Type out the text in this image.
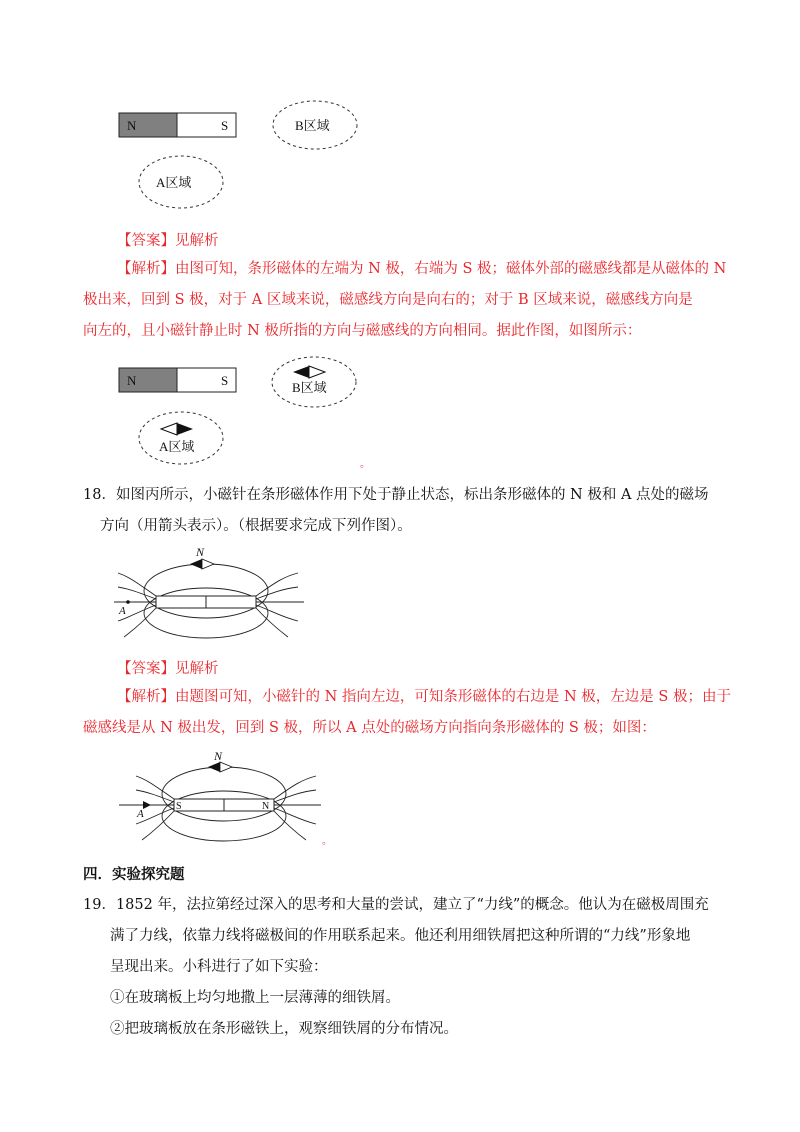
N	S	B区域
A区域
【答案】见解析
【解析】由图可知，条形磁体的左端为 N 极，右端为 S 极；磁体外部的磁感线都是从磁体的 N
极出来，回到 S 极，对于 A 区域来说，磁感线方向是向右的；对于 B 区域来说，磁感线方向是
向左的，且小磁针静止时 N 极所指的方向与磁感线的方向相同。据此作图，如图所示：
N	S	B区域
A区域
。
18．如图丙所示，小磁针在条形磁体作用下处于静止状态，标出条形磁体的 N 极和 A 点处的磁场
方向（用箭头表示）。（根据要求完成下列作图）。
N
A
【答案】见解析
【解析】由题图可知，小磁针的 N 指向左边，可知条形磁体的右边是 N 极，左边是 S 极；由于
磁感线是从 N 极出发，回到 S 极，所以 A 点处的磁场方向指向条形磁体的 S 极；如图：
S	N
N
A
。
四．实验探究题
19．1852 年，法拉第经过深入的思考和大量的尝试，建立了“力线”的概念。他认为在磁极周围充
满了力线，依靠力线将磁极间的作用联系起来。他还利用细铁屑把这种所谓的“力线”形象地
呈现出来。小科进行了如下实验：
①在玻璃板上均匀地撒上一层薄薄的细铁屑。
②把玻璃板放在条形磁铁上，观察细铁屑的分布情况。
